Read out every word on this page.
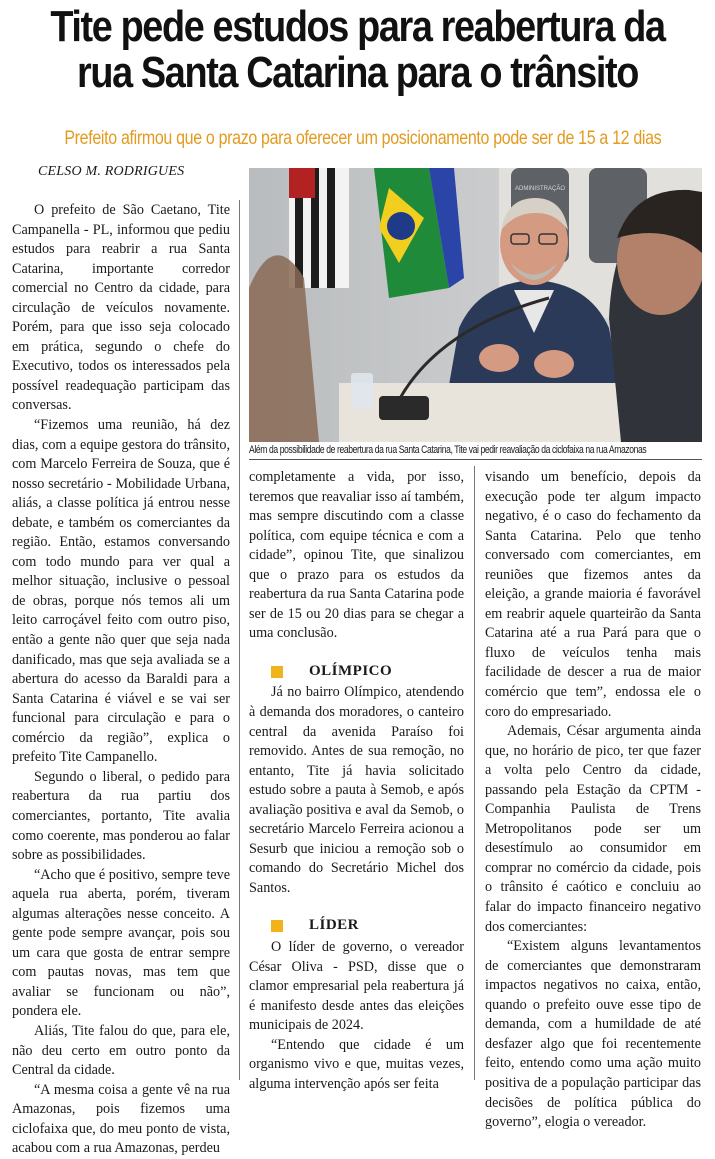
Tite pede estudos para reabertura da
rua Santa Catarina para o trânsito
Prefeito afirmou que o prazo para oferecer um posicionamento pode ser de 15 a 12 dias
CELSO M. RODRIGUES

O prefeito de São Caetano, Tite Campanella - PL, informou que pediu estudos para reabrir a rua Santa Catarina, importante corredor comercial no Centro da cidade, para circulação de veículos novamente. Porém, para que isso seja colocado em prática, segundo o chefe do Executivo, todos os interessados pela possível readequação participam das conversas.

“Fizemos uma reunião, há dez dias, com a equipe gestora do trânsito, com Marcelo Ferreira de Souza, que é nosso secretário - Mobilidade Urbana, aliás, a classe política já entrou nesse debate, e também os comerciantes da região. Então, estamos conversando com todo mundo para ver qual a melhor situação, inclusive o pessoal de obras, porque nós temos ali um leito carroçável feito com outro piso, então a gente não quer que seja nada danificado, mas que seja avaliada se a abertura do acesso da Baraldi para a Santa Catarina é viável e se vai ser funcional para circulação e para o comércio da região”, explica o prefeito Tite Campanello.

Segundo o liberal, o pedido para reabertura da rua partiu dos comerciantes, portanto, Tite avalia como coerente, mas ponderou ao falar sobre as possibilidades.

“Acho que é positivo, sempre teve aquela rua aberta, porém, tiveram algumas alterações nesse conceito. A gente pode sempre avançar, pois sou um cara que gosta de entrar sempre com pautas novas, mas tem que avaliar se funcionam ou não”, pondera ele.

Aliás, Tite falou do que, para ele, não deu certo em outro ponto da Central da cidade.

“A mesma coisa a gente vê na rua Amazonas, pois fizemos uma ciclofaixa que, do meu ponto de vista, acabou com a rua Amazonas, perdeu

ADMINISTRAÇÃO
Além da possibilidade de reabertura da rua Santa Catarina, Tite vai pedir reavaliação da ciclofaixa na rua Amazonas

completamente a vida, por isso, teremos que reavaliar isso aí também, mas sempre discutindo com a classe política, com equipe técnica e com a cidade”, opinou Tite, que sinalizou que o prazo para os estudos da reabertura da rua Santa Catarina pode ser de 15 ou 20 dias para se chegar a uma conclusão.

OLÍMPICO

Já no bairro Olímpico, atendendo à demanda dos moradores, o canteiro central da avenida Paraíso foi removido. Antes de sua remoção, no entanto, Tite já havia solicitado estudo sobre a pauta à Semob, e após avaliação positiva e aval da Semob, o secretário Marcelo Ferreira acionou a Sesurb que iniciou a remoção sob o comando do Secretário Michel dos Santos.

LÍDER

O líder de governo, o vereador César Oliva - PSD, disse que o clamor empresarial pela reabertura já é manifesto desde antes das eleições municipais de 2024.

“Entendo que cidade é um organismo vivo e que, muitas vezes, alguma intervenção após ser feita

visando um benefício, depois da execução pode ter algum impacto negativo, é o caso do fechamento da Santa Catarina. Pelo que tenho conversado com comerciantes, em reuniões que fizemos antes da eleição, a grande maioria é favorável em reabrir aquele quarteirão da Santa Catarina até a rua Pará para que o fluxo de veículos tenha mais facilidade de descer a rua de maior comércio que tem”, endossa ele o coro do empresariado.

Ademais, César argumenta ainda que, no horário de pico, ter que fazer a volta pelo Centro da cidade, passando pela Estação da CPTM - Companhia Paulista de Trens Metropolitanos pode ser um desestímulo ao consumidor em comprar no comércio da cidade, pois o trânsito é caótico e concluiu ao falar do impacto financeiro negativo dos comerciantes:

“Existem alguns levantamentos de comerciantes que demonstraram impactos negativos no caixa, então, quando o prefeito ouve esse tipo de demanda, com a humildade de até desfazer algo que foi recentemente feito, entendo como uma ação muito positiva de a população participar das decisões de política pública do governo”, elogia o vereador.
